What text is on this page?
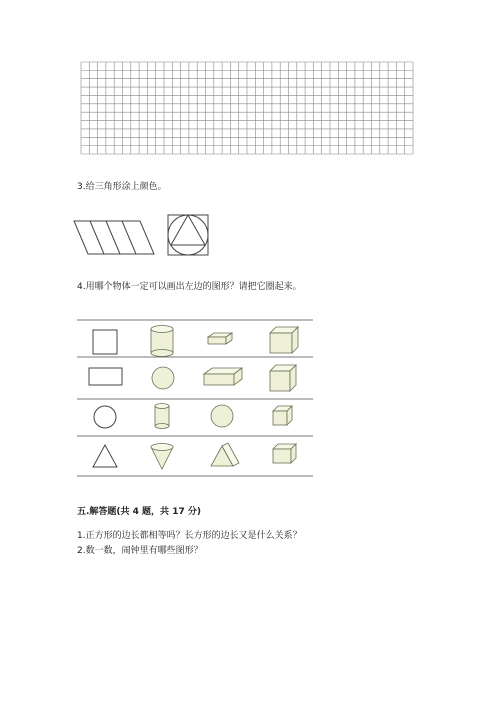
3.给三角形涂上颜色。
4.用哪个物体一定可以画出左边的图形？请把它圈起来。
五.解答题(共 4 题，共 17 分)
1.正方形的边长都相等吗？长方形的边长又是什么关系？
2.数一数，闹钟里有哪些图形？
